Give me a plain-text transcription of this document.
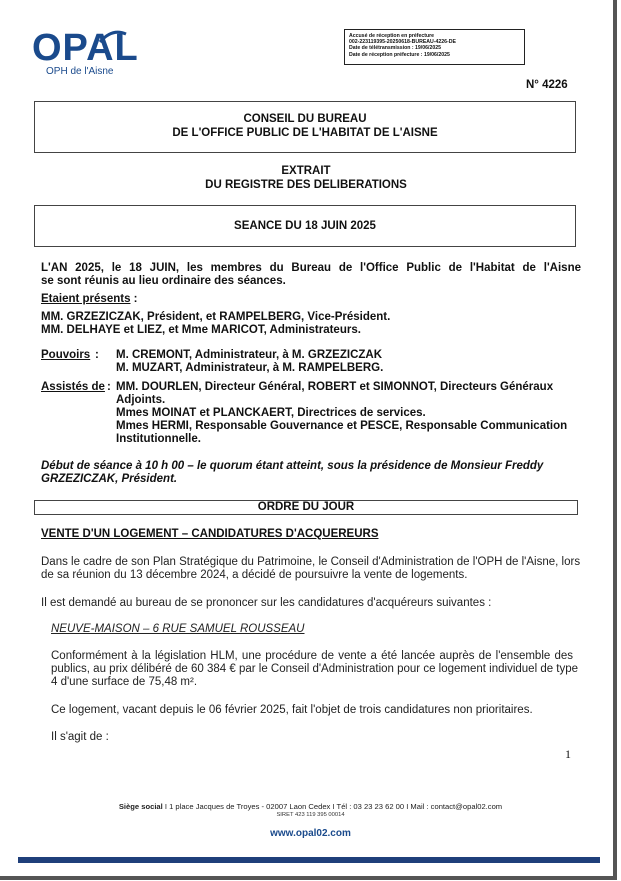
OPAL
OPH de l'Aisne
Accusé de réception en préfecture
002-223119395-20250618-BUREAU-4226-DE
Date de télétransmission : 19/06/2025
Date de réception préfecture : 19/06/2025
N° 4226
CONSEIL DU BUREAU
DE L'OFFICE PUBLIC DE L'HABITAT DE L'AISNE
EXTRAIT
DU REGISTRE DES DELIBERATIONS
SEANCE DU 18 JUIN 2025
L'AN 2025, le 18 JUIN, les membres du Bureau de l'Office Public de l'Habitat de l'Aisne
se sont réunis au lieu ordinaire des séances.
Etaient présents :
MM. GRZEZICZAK, Président, et RAMPELBERG, Vice-Président.
MM. DELHAYE et LIEZ, et Mme MARICOT, Administrateurs.
Pouvoirs : M. CREMONT, Administrateur, à M. GRZEZICZAK
M. MUZART, Administrateur, à M. RAMPELBERG.
Assistés de : MM. DOURLEN, Directeur Général, ROBERT et SIMONNOT, Directeurs Généraux
Adjoints.
Mmes MOINAT et PLANCKAERT, Directrices de services.
Mmes HERMI, Responsable Gouvernance et PESCE, Responsable Communication
Institutionnelle.
Début de séance à 10 h 00 – le quorum étant atteint, sous la présidence de Monsieur Freddy
GRZEZICZAK, Président.
ORDRE DU JOUR
VENTE D'UN LOGEMENT – CANDIDATURES D'ACQUEREURS
Dans le cadre de son Plan Stratégique du Patrimoine, le Conseil d'Administration de l'OPH de l'Aisne, lors
de sa réunion du 13 décembre 2024, a décidé de poursuivre la vente de logements.
Il est demandé au bureau de se prononcer sur les candidatures d'acquéreurs suivantes :
NEUVE-MAISON – 6 RUE SAMUEL ROUSSEAU
Conformément à la législation HLM, une procédure de vente a été lancée auprès de l'ensemble des
publics, au prix délibéré de 60 384 € par le Conseil d'Administration pour ce logement individuel de type
4 d'une surface de 75,48 m².
Ce logement, vacant depuis le 06 février 2025, fait l'objet de trois candidatures non prioritaires.
Il s'agit de :
1
Siège social I 1 place Jacques de Troyes - 02007 Laon Cedex I Tél : 03 23 23 62 00 I Mail : contact@opal02.com
SIRET 423 119 395 00014
www.opal02.com
